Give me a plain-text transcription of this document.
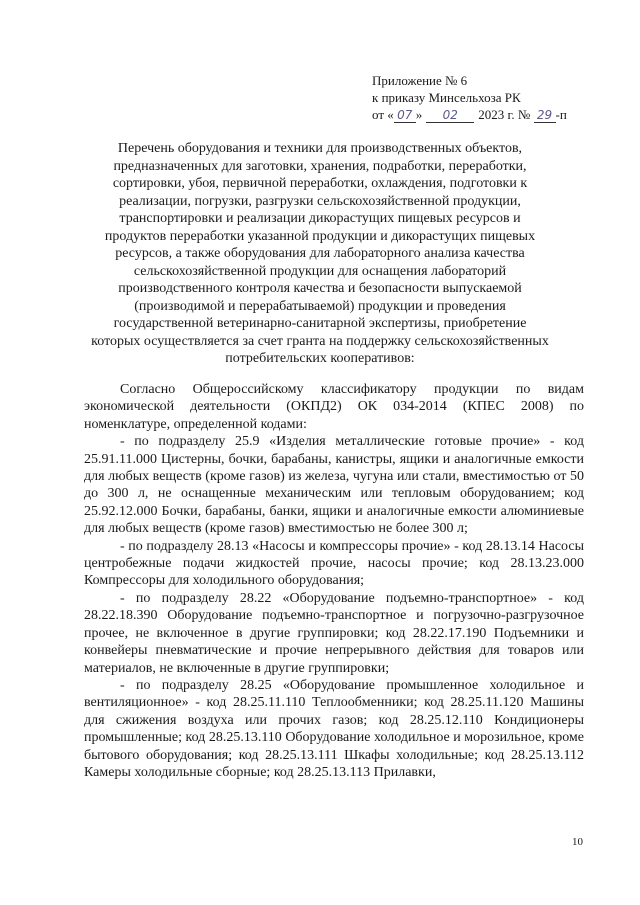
Приложение № 6
к приказу Минсельхоза РК
от « 07 » 02 2023 г. № 29 -п
Перечень оборудования и техники для производственных объектов, предназначенных для заготовки, хранения, подработки, переработки, сортировки, убоя, первичной переработки, охлаждения, подготовки к реализации, погрузки, разгрузки сельскохозяйственной продукции, транспортировки и реализации дикорастущих пищевых ресурсов и продуктов переработки указанной продукции и дикорастущих пищевых ресурсов, а также оборудования для лабораторного анализа качества сельскохозяйственной продукции для оснащения лабораторий производственного контроля качества и безопасности выпускаемой (производимой и перерабатываемой) продукции и проведения государственной ветеринарно-санитарной экспертизы, приобретение которых осуществляется за счет гранта на поддержку сельскохозяйственных потребительских кооперативов:

Согласно Общероссийскому классификатору продукции по видам экономической деятельности (ОКПД2) ОК 034-2014 (КПЕС 2008) по номенклатуре, определенной кодами:

- по подразделу 25.9 «Изделия металлические готовые прочие» - код 25.91.11.000 Цистерны, бочки, барабаны, канистры, ящики и аналогичные емкости для любых веществ (кроме газов) из железа, чугуна или стали, вместимостью от 50 до 300 л, не оснащенные механическим или тепловым оборудованием; код 25.92.12.000 Бочки, барабаны, банки, ящики и аналогичные емкости алюминиевые для любых веществ (кроме газов) вместимостью не более 300 л;

- по подразделу 28.13 «Насосы и компрессоры прочие» - код 28.13.14 Насосы центробежные подачи жидкостей прочие, насосы прочие; код 28.13.23.000 Компрессоры для холодильного оборудования;

- по подразделу 28.22 «Оборудование подъемно-транспортное» - код 28.22.18.390 Оборудование подъемно-транспортное и погрузочно-разгрузочное прочее, не включенное в другие группировки; код 28.22.17.190 Подъемники и конвейеры пневматические и прочие непрерывного действия для товаров или материалов, не включенные в другие группировки;

- по подразделу 28.25 «Оборудование промышленное холодильное и вентиляционное» - код 28.25.11.110 Теплообменники; код 28.25.11.120 Машины для сжижения воздуха или прочих газов; код 28.25.12.110 Кондиционеры промышленные; код 28.25.13.110 Оборудование холодильное и морозильное, кроме бытового оборудования; код 28.25.13.111 Шкафы холодильные; код 28.25.13.112 Камеры холодильные сборные; код 28.25.13.113 Прилавки,

10
